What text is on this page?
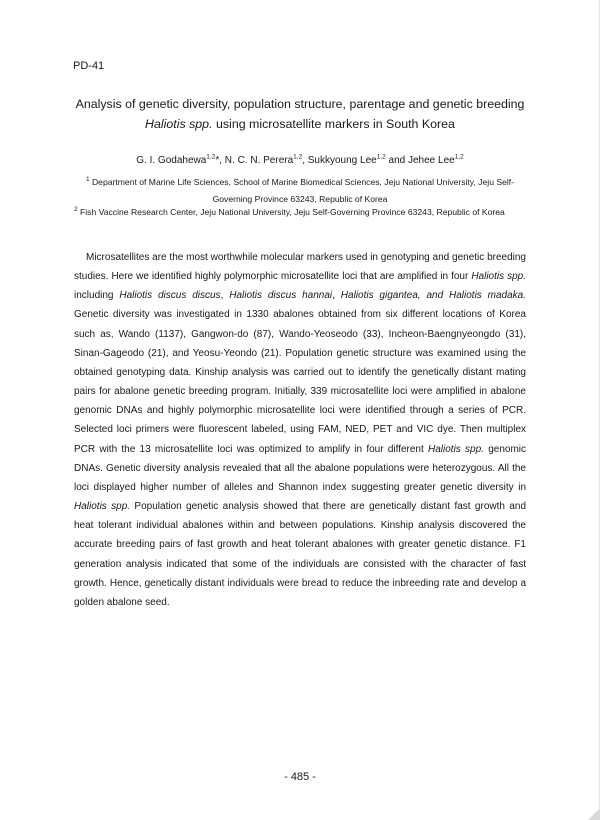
PD-41
Analysis of genetic diversity, population structure, parentage and genetic breeding
Haliotis spp. using microsatellite markers in South Korea
G. I. Godahewa$^{1,2}$*, N. C. N. Perera$^{1,2}$, Sukkyoung Lee$^{1,2}$ and Jehee Lee$^{1,2}$
$^1$ Department of Marine Life Sciences, School of Marine Biomedical Sciences, Jeju National University, Jeju Self-Governing Province 63243, Republic of Korea
$^2$ Fish Vaccine Research Center, Jeju National University, Jeju Self-Governing Province 63243, Republic of Korea

Microsatellites are the most worthwhile molecular markers used in genotyping and genetic breeding studies. Here we identified highly polymorphic microsatellite loci that are amplified in four Haliotis spp. including Haliotis discus discus, Haliotis discus hannai, Haliotis gigantea, and Haliotis madaka. Genetic diversity was investigated in 1330 abalones obtained from six different locations of Korea such as, Wando (1137), Gangwon-do (87), Wando-Yeoseodo (33), Incheon-Baengnyeongdo (31), Sinan-Gageodo (21), and Yeosu-Yeondo (21). Population genetic structure was examined using the obtained genotyping data. Kinship analysis was carried out to identify the genetically distant mating pairs for abalone genetic breeding program. Initially, 339 microsatellite loci were amplified in abalone genomic DNAs and highly polymorphic microsatellite loci were identified through a series of PCR. Selected loci primers were fluorescent labeled, using FAM, NED, PET and VIC dye. Then multiplex PCR with the 13 microsatellite loci was optimized to amplify in four different Haliotis spp. genomic DNAs. Genetic diversity analysis revealed that all the abalone populations were heterozygous. All the loci displayed higher number of alleles and Shannon index suggesting greater genetic diversity in Haliotis spp. Population genetic analysis showed that there are genetically distant fast growth and heat tolerant individual abalones within and between populations. Kinship analysis discovered the accurate breeding pairs of fast growth and heat tolerant abalones with greater genetic distance. F1 generation analysis indicated that some of the individuals are consisted with the character of fast growth. Hence, genetically distant individuals were bread to reduce the inbreeding rate and develop a golden abalone seed.

- 485 -
